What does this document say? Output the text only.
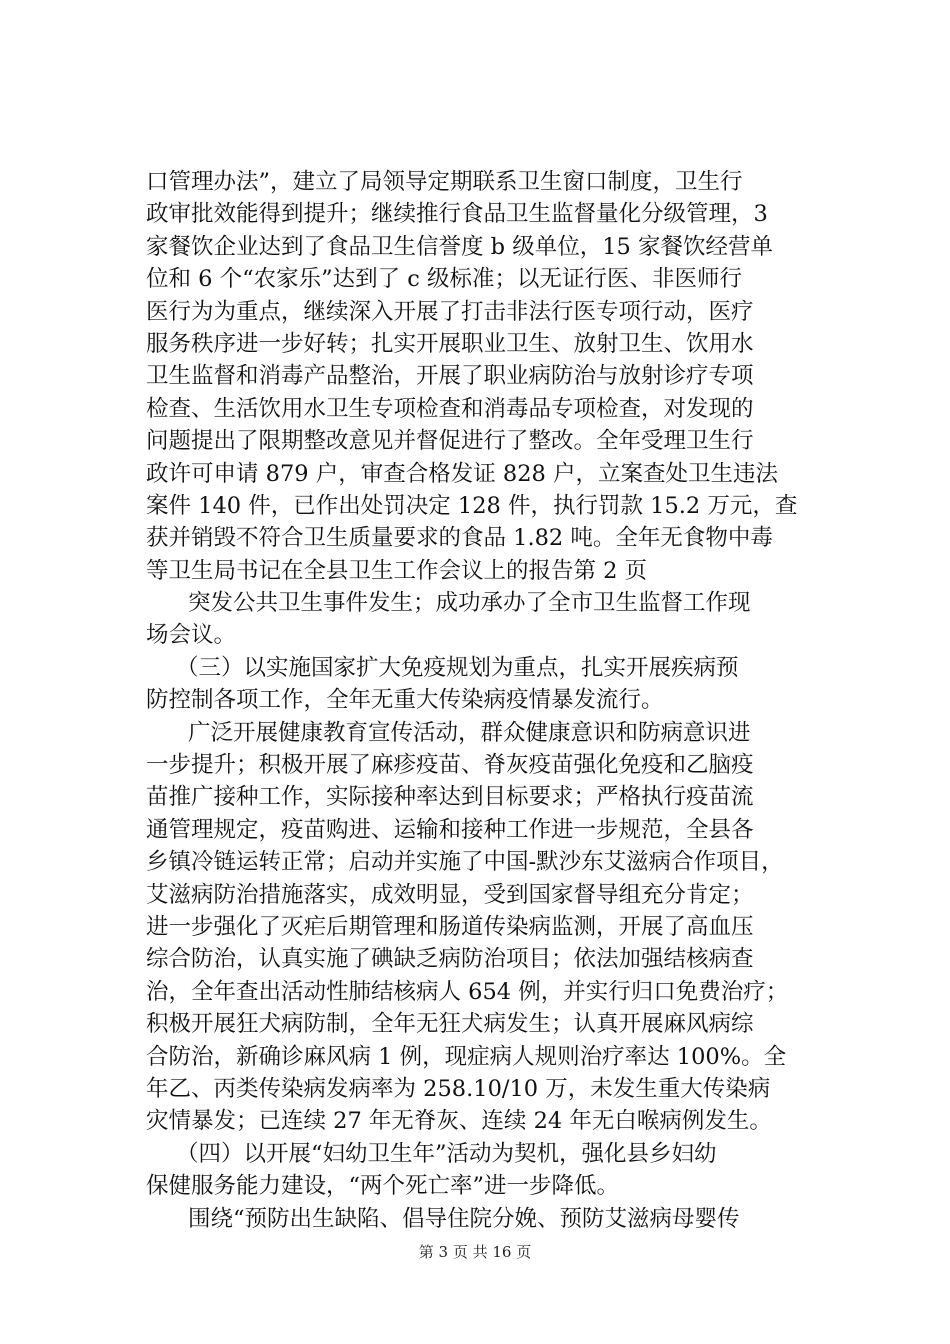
口管理办法”，建立了局领导定期联系卫生窗口制度，卫生行
政审批效能得到提升；继续推行食品卫生监督量化分级管理，3
家餐饮企业达到了食品卫生信誉度 b 级单位，15 家餐饮经营单
位和 6 个“农家乐”达到了 c 级标准；以无证行医、非医师行
医行为为重点，继续深入开展了打击非法行医专项行动，医疗
服务秩序进一步好转；扎实开展职业卫生、放射卫生、饮用水
卫生监督和消毒产品整治，开展了职业病防治与放射诊疗专项
检查、生活饮用水卫生专项检查和消毒品专项检查，对发现的
问题提出了限期整改意见并督促进行了整改。全年受理卫生行
政许可申请 879 户，审查合格发证 828 户，立案查处卫生违法
案件 140 件，已作出处罚决定 128 件，执行罚款 15.2 万元，查
获并销毁不符合卫生质量要求的食品 1.82 吨。全年无食物中毒
等卫生局书记在全县卫生工作会议上的报告第 2 页
突发公共卫生事件发生；成功承办了全市卫生监督工作现
场会议。
（三）以实施国家扩大免疫规划为重点，扎实开展疾病预
防控制各项工作，全年无重大传染病疫情暴发流行。
广泛开展健康教育宣传活动，群众健康意识和防病意识进
一步提升；积极开展了麻疹疫苗、脊灰疫苗强化免疫和乙脑疫
苗推广接种工作，实际接种率达到目标要求；严格执行疫苗流
通管理规定，疫苗购进、运输和接种工作进一步规范，全县各
乡镇冷链运转正常；启动并实施了中国-默沙东艾滋病合作项目，
艾滋病防治措施落实，成效明显，受到国家督导组充分肯定；
进一步强化了灭疟后期管理和肠道传染病监测，开展了高血压
综合防治，认真实施了碘缺乏病防治项目；依法加强结核病查
治，全年查出活动性肺结核病人 654 例，并实行归口免费治疗；
积极开展狂犬病防制，全年无狂犬病发生；认真开展麻风病综
合防治，新确诊麻风病 1 例，现症病人规则治疗率达 100%。全
年乙、丙类传染病发病率为 258.10/10 万，未发生重大传染病
灾情暴发；已连续 27 年无脊灰、连续 24 年无白喉病例发生。
（四）以开展“妇幼卫生年”活动为契机，强化县乡妇幼
保健服务能力建设，“两个死亡率”进一步降低。
围绕“预防出生缺陷、倡导住院分娩、预防艾滋病母婴传
第 3 页 共 16 页
